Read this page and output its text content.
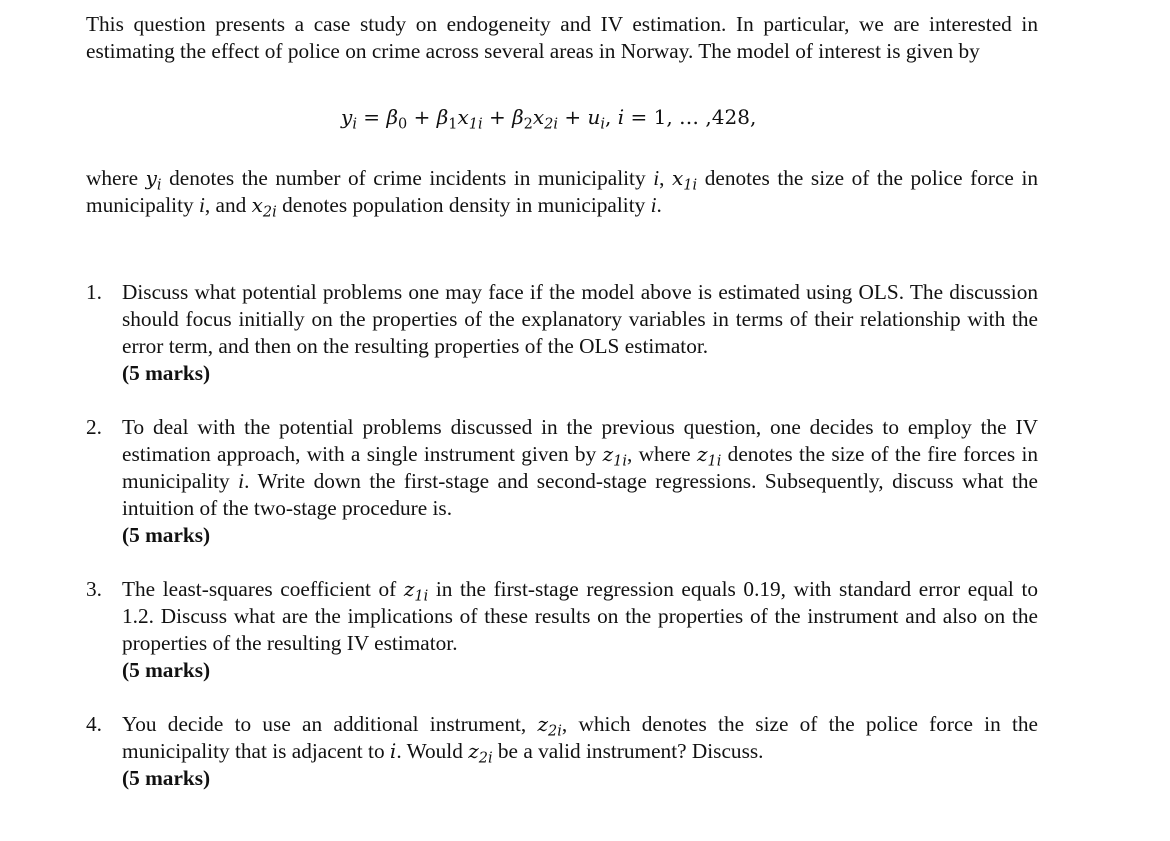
This question presents a case study on endogeneity and IV estimation. In particular, we are interested in estimating the effect of police on crime across several areas in Norway. The model of interest is given by

$y_i = \beta_0 + \beta_1x_{1i} + \beta_2x_{2i} + u_i$, i = 1, … ,428,

where $y_i$ denotes the number of crime incidents in municipality i, $x_{1i}$ denotes the size of the police force in municipality i, and $x_{2i}$ denotes population density in municipality i.

1. Discuss what potential problems one may face if the model above is estimated using OLS. The discussion should focus initially on the properties of the explanatory variables in terms of their relationship with the error term, and then on the resulting properties of the OLS estimator.

(5 marks)

2. To deal with the potential problems discussed in the previous question, one decides to employ the IV estimation approach, with a single instrument given by $z_{1i}$, where $z_{1i}$ denotes the size of the fire forces in municipality i. Write down the first-stage and second-stage regressions. Subsequently, discuss what the intuition of the two-stage procedure is.

(5 marks)

3. The least-squares coefficient of $z_{1i}$ in the first-stage regression equals 0.19, with standard error equal to 1.2. Discuss what are the implications of these results on the properties of the instrument and also on the properties of the resulting IV estimator.

(5 marks)

4. You decide to use an additional instrument, $z_{2i}$, which denotes the size of the police force in the municipality that is adjacent to i. Would $z_{2i}$ be a valid instrument? Discuss.

(5 marks)
